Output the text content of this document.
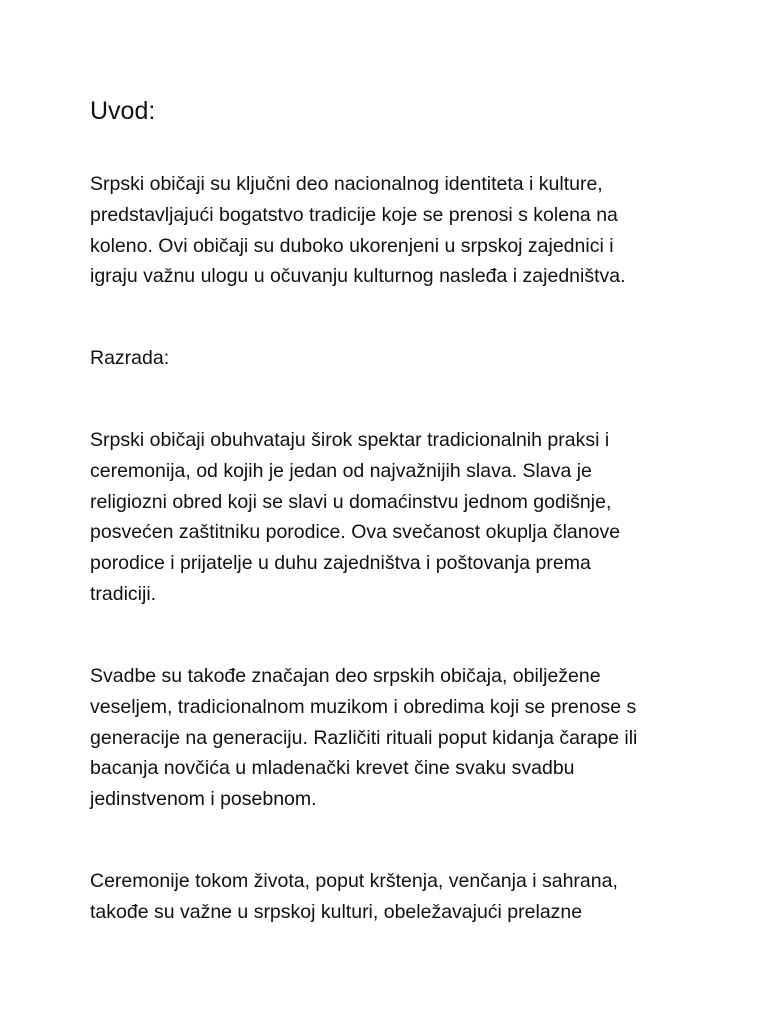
Uvod:

Srpski običaji su ključni deo nacionalnog identiteta i kulture,
predstavljajući bogatstvo tradicije koje se prenosi s kolena na
koleno. Ovi običaji su duboko ukorenjeni u srpskoj zajednici i
igraju važnu ulogu u očuvanju kulturnog nasleđa i zajedništva.

Razrada:

Srpski običaji obuhvataju širok spektar tradicionalnih praksi i
ceremonija, od kojih je jedan od najvažnijih slava. Slava je
religiozni obred koji se slavi u domaćinstvu jednom godišnje,
posvećen zaštitniku porodice. Ova svečanost okuplja članove
porodice i prijatelje u duhu zajedništva i poštovanja prema
tradiciji.

Svadbe su takođe značajan deo srpskih običaja, obilježene
veseljem, tradicionalnom muzikom i obredima koji se prenose s
generacije na generaciju. Različiti rituali poput kidanja čarape ili
bacanja novčića u mladenački krevet čine svaku svadbu
jedinstvenom i posebnom.

Ceremonije tokom života, poput krštenja, venčanja i sahrana,
takođe su važne u srpskoj kulturi, obeležavajući prelazne
